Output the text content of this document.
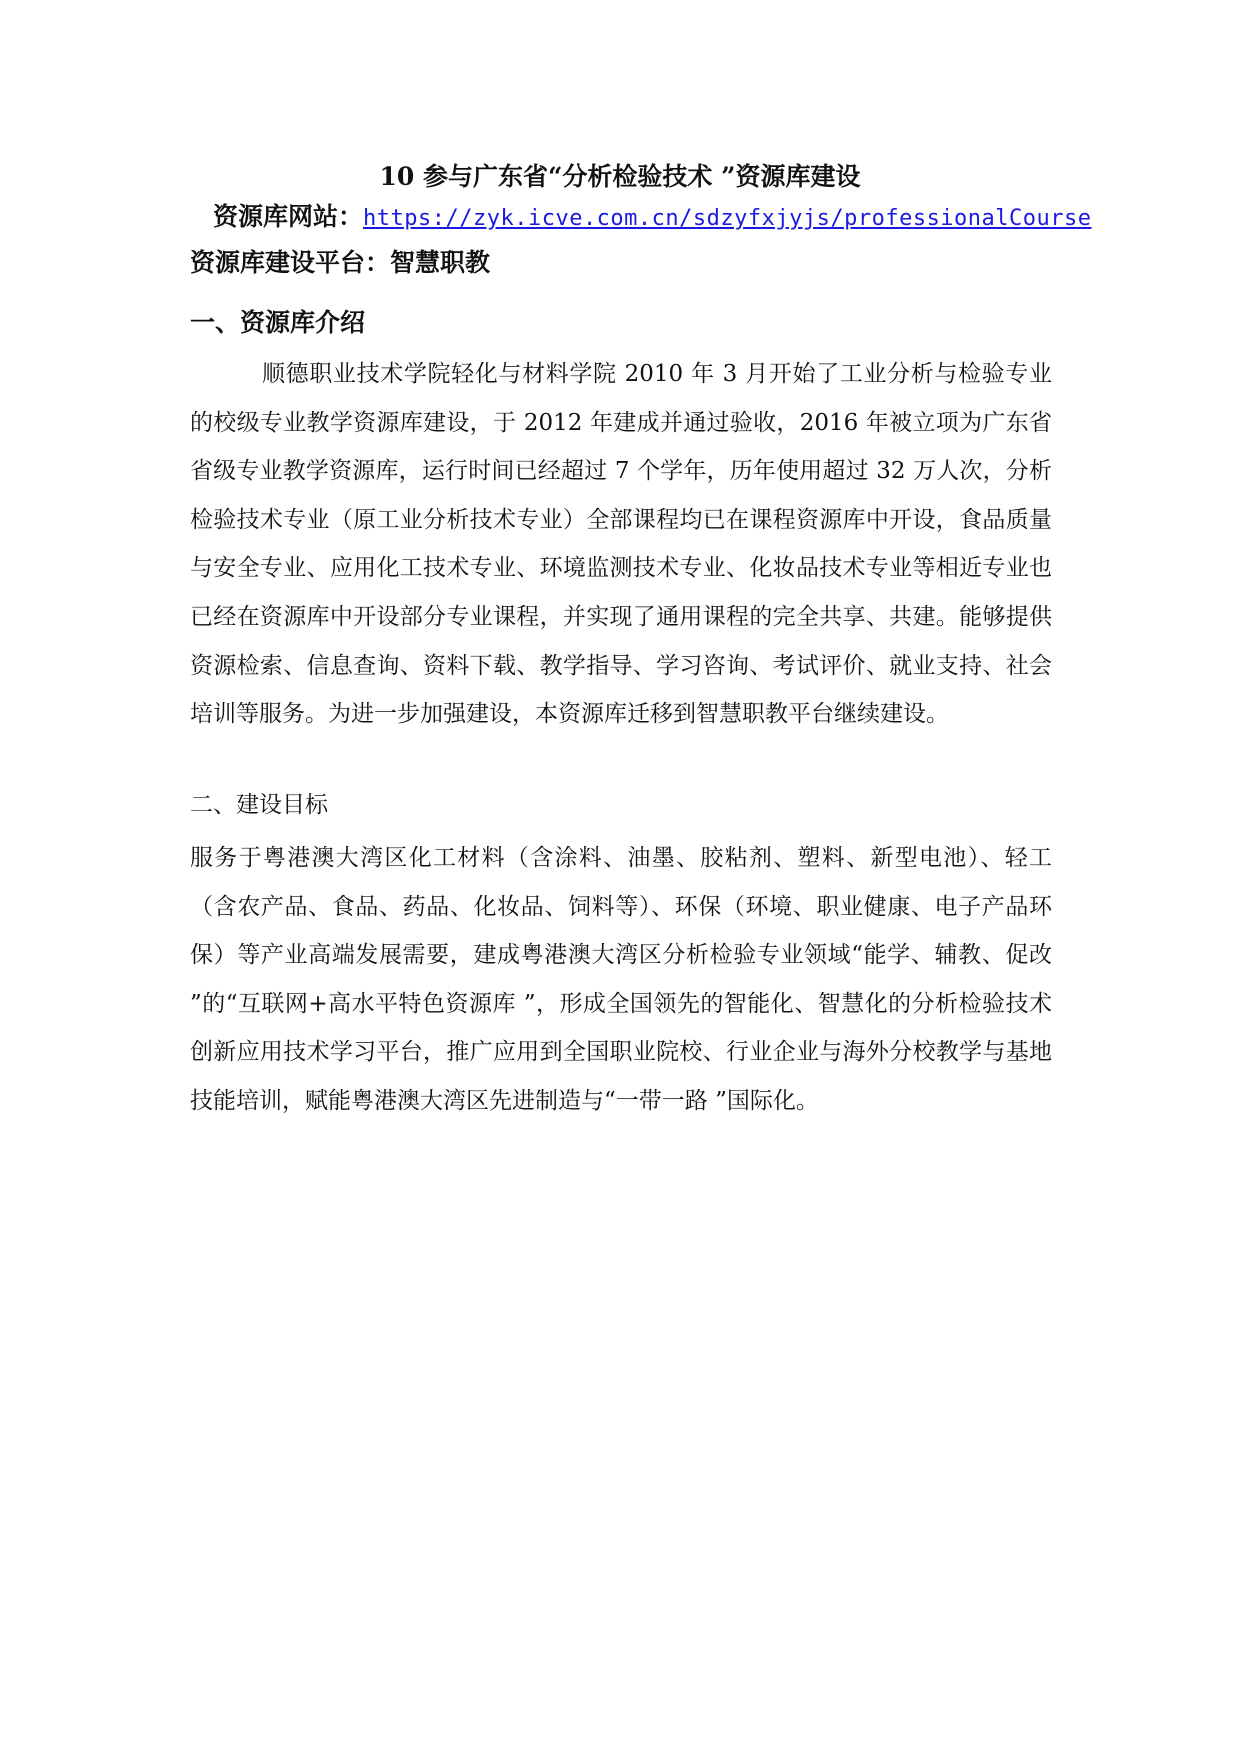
10 参与广东省“分析检验技术 ”资源库建设
资源库网站：https://zyk.icve.com.cn/sdzyfxjyjs/professionalCourse
资源库建设平台：智慧职教
一、资源库介绍
顺德职业技术学院轻化与材料学院 2010 年 3 月开始了工业分析与检验专业的校级专业教学资源库建设，于 2012 年建成并通过验收，2016 年被立项为广东省省级专业教学资源库，运行时间已经超过 7 个学年，历年使用超过 32 万人次，分析检验技术专业（原工业分析技术专业）全部课程均已在课程资源库中开设，食品质量与安全专业、应用化工技术专业、环境监测技术专业、化妆品技术专业等相近专业也已经在资源库中开设部分专业课程，并实现了通用课程的完全共享、共建。能够提供资源检索、信息查询、资料下载、教学指导、学习咨询、考试评价、就业支持、社会培训等服务。为进一步加强建设，本资源库迁移到智慧职教平台继续建设。
二、建设目标
服务于粤港澳大湾区化工材料（含涂料、油墨、胶粘剂、塑料、新型电池）、轻工（含农产品、食品、药品、化妆品、饲料等）、环保（环境、职业健康、电子产品环保）等产业高端发展需要，建成粤港澳大湾区分析检验专业领域“能学、辅教、促改 ”的“互联网+高水平特色资源库 ”，形成全国领先的智能化、智慧化的分析检验技术创新应用技术学习平台，推广应用到全国职业院校、行业企业与海外分校教学与基地技能培训，赋能粤港澳大湾区先进制造与“一带一路 ”国际化。
